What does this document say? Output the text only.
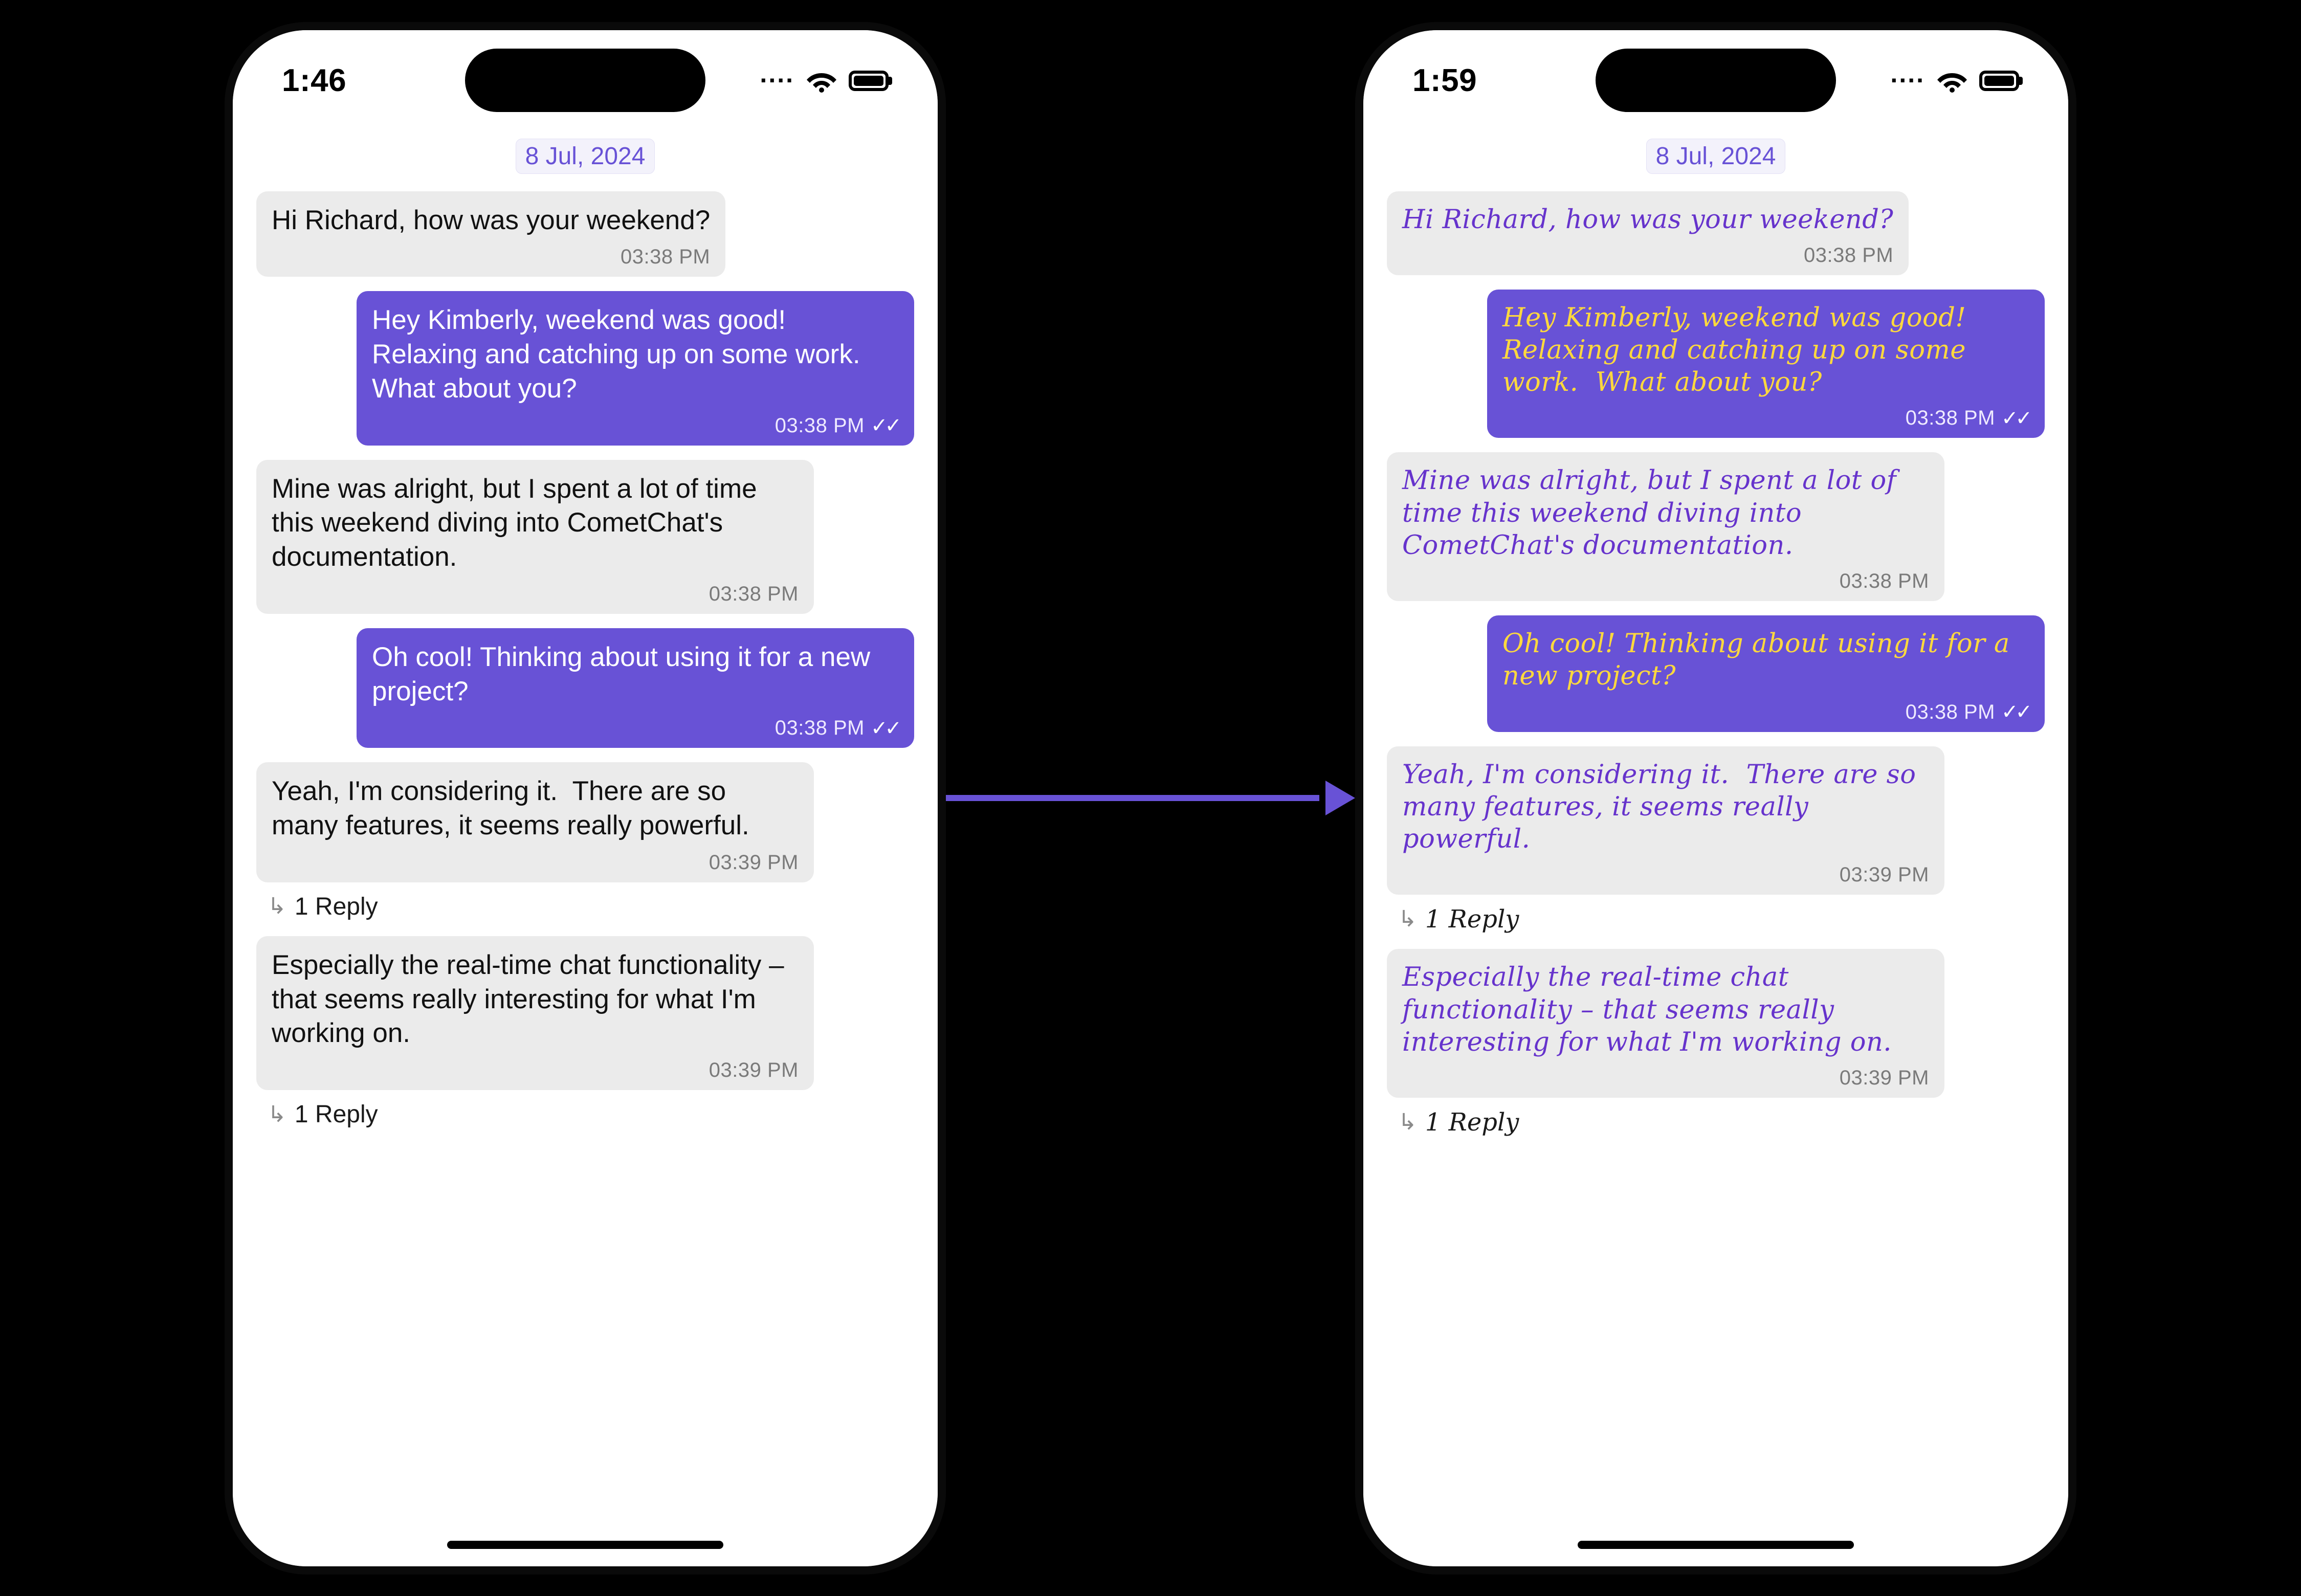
1:46	....
8 Jul, 2024
Hi Richard, how was your weekend?
03:38 PM
Hey Kimberly, weekend was good! Relaxing and catching up on some work.  What about you?
03:38 PM ✓✓
Mine was alright, but I spent a lot of time this weekend diving into CometChat's documentation.
03:38 PM
Oh cool! Thinking about using it for a new project?
03:38 PM ✓✓
Yeah, I'm considering it.  There are so many features, it seems really powerful.
03:39 PM
↳ 1 Reply
Especially the real-time chat functionality – that seems really interesting for what I'm working on.
03:39 PM
↳ 1 Reply
1:59	....
8 Jul, 2024
Hi Richard, how was your weekend?
03:38 PM
Hey Kimberly, weekend was good! Relaxing and catching up on some work.  What about you?
03:38 PM ✓✓
Mine was alright, but I spent a lot of time this weekend diving into CometChat's documentation.
03:38 PM
Oh cool! Thinking about using it for a new project?
03:38 PM ✓✓
Yeah, I'm considering it.  There are so many features, it seems really powerful.
03:39 PM
↳ 1 Reply
Especially the real-time chat functionality – that seems really interesting for what I'm working on.
03:39 PM
↳ 1 Reply
